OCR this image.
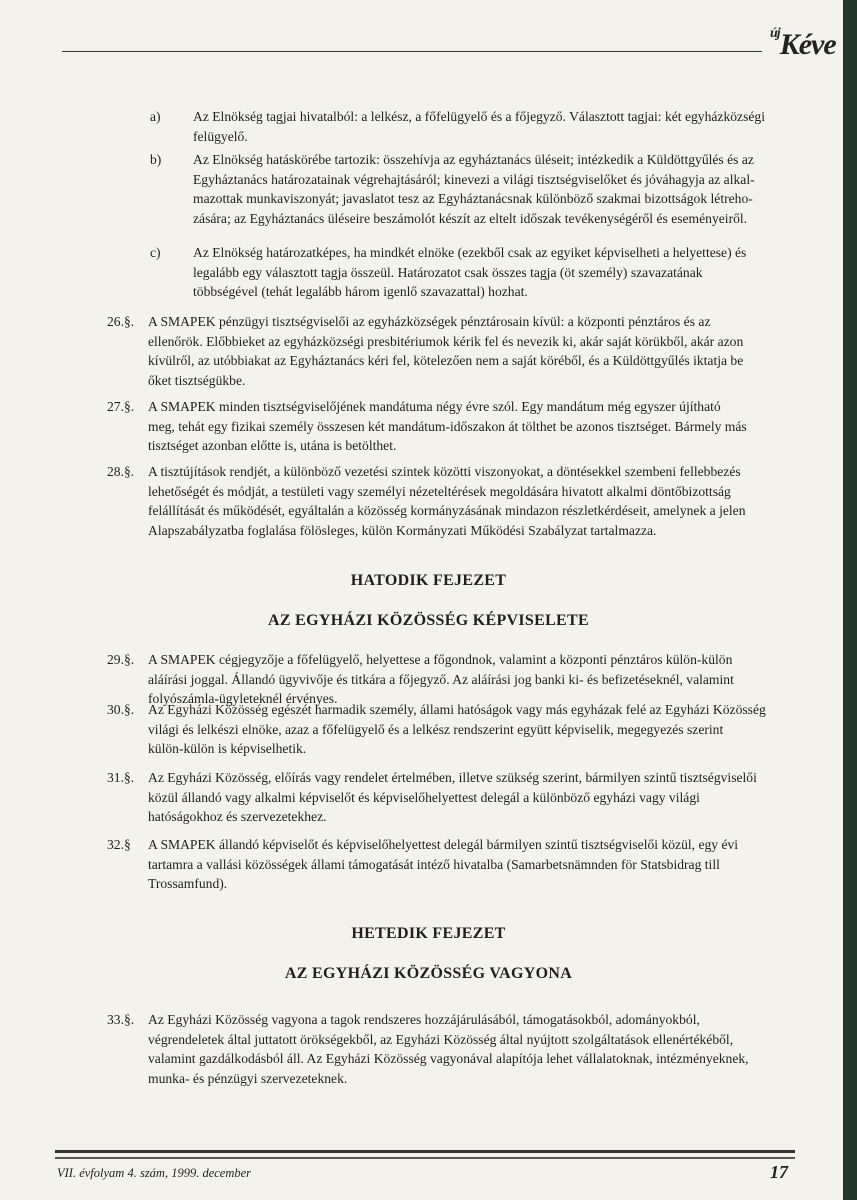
$^{új}$Kéve
a) Az Elnökség tagjai hivatalból: a lelkész, a főfelügyelő és a főjegyző. Választott tagjai: két egyházközségi
felügyelő.
b) Az Elnökség hatáskörébe tartozik: összehívja az egyháztanács üléseit; intézkedik a Küldöttgyűlés és az
Egyháztanács határozatainak végrehajtásáról; kinevezi a világi tisztségviselőket és jóváhagyja az alkal-
mazottak munkaviszonyát; javaslatot tesz az Egyháztanácsnak különböző szakmai bizottságok létreho-
zására; az Egyháztanács üléseire beszámolót készít az eltelt időszak tevékenységéről és eseményeiről.
c) Az Elnökség határozatképes, ha mindkét elnöke (ezekből csak az egyiket képviselheti a helyettese) és
legalább egy választott tagja összeül. Határozatot csak összes tagja (öt személy) szavazatának
többségével (tehát legalább három igenlő szavazattal) hozhat.
26.§. A SMAPEK pénzügyi tisztségviselői az egyházközségek pénztárosain kívül: a központi pénztáros és az
ellenőrök. Előbbieket az egyházközségi presbitériumok kérik fel és nevezik ki, akár saját körükből, akár azon
kívülről, az utóbbiakat az Egyháztanács kéri fel, kötelezően nem a saját köréből, és a Küldöttgyűlés iktatja be
őket tisztségükbe.
27.§. A SMAPEK minden tisztségviselőjének mandátuma négy évre szól. Egy mandátum még egyszer újítható
meg, tehát egy fizikai személy összesen két mandátum-időszakon át tölthet be azonos tisztséget. Bármely más
tisztséget azonban előtte is, utána is betölthet.
28.§. A tisztújítások rendjét, a különböző vezetési szintek közötti viszonyokat, a döntésekkel szembeni fellebbezés
lehetőségét és módját, a testületi vagy személyi nézeteltérések megoldására hivatott alkalmi döntőbizottság
felállítását és működését, egyáltalán a közösség kormányzásának mindazon részletkérdéseit, amelynek a jelen
Alapszabályzatba foglalása fölösleges, külön Kormányzati Működési Szabályzat tartalmazza.
29.§. A SMAPEK cégjegyzője a főfelügyelő, helyettese a főgondnok, valamint a központi pénztáros külön-külön
aláírási joggal. Állandó ügyvivője és titkára a főjegyző. Az aláírási jog banki ki- és befizetéseknél, valamint
folyószámla-ügyleteknél érvényes.
30.§. Az Egyházi Közösség egészét harmadik személy, állami hatóságok vagy más egyházak felé az Egyházi Közösség
világi és lelkészi elnöke, azaz a főfelügyelő és a lelkész rendszerint együtt képviselik, megegyezés szerint
külön-külön is képviselhetik.
31.§. Az Egyházi Közösség, előírás vagy rendelet értelmében, illetve szükség szerint, bármilyen szintű tisztségviselői
közül állandó vagy alkalmi képviselőt és képviselőhelyettest delegál a különböző egyházi vagy világi
hatóságokhoz és szervezetekhez.
32.§ A SMAPEK állandó képviselőt és képviselőhelyettest delegál bármilyen szintű tisztségviselői közül, egy évi
tartamra a vallási közösségek állami támogatását intéző hivatalba (Samarbetsnämnden för Statsbidrag till
Trossamfund).
33.§. Az Egyházi Közösség vagyona a tagok rendszeres hozzájárulásából, támogatásokból, adományokból,
végrendeletek által juttatott örökségekből, az Egyházi Közösség által nyújtott szolgáltatások ellenértékéből,
valamint gazdálkodásból áll. Az Egyházi Közösség vagyonával alapítója lehet vállalatoknak, intézményeknek,
munka- és pénzügyi szervezeteknek.
HATODIK FEJEZET
AZ EGYHÁZI KÖZÖSSÉG KÉPVISELETE
HETEDIK FEJEZET
AZ EGYHÁZI KÖZÖSSÉG VAGYONA
VII. évfolyam 4. szám, 1999. december	17
